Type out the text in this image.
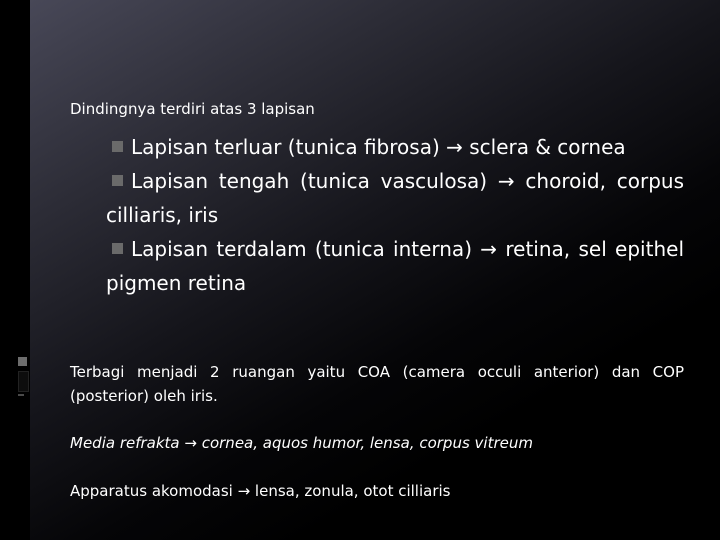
Dindingnya terdiri atas 3 lapisan
Lapisan terluar (tunica fibrosa) → sclera & cornea
Lapisan tengah (tunica vasculosa) → choroid, corpus cilliaris, iris
Lapisan terdalam (tunica interna) → retina, sel epithel pigmen retina
Terbagi menjadi 2 ruangan yaitu COA (camera occuli anterior) dan COP (posterior) oleh iris.
Media refrakta → cornea, aquos humor, lensa, corpus vitreum
Apparatus akomodasi → lensa, zonula, otot cilliaris
